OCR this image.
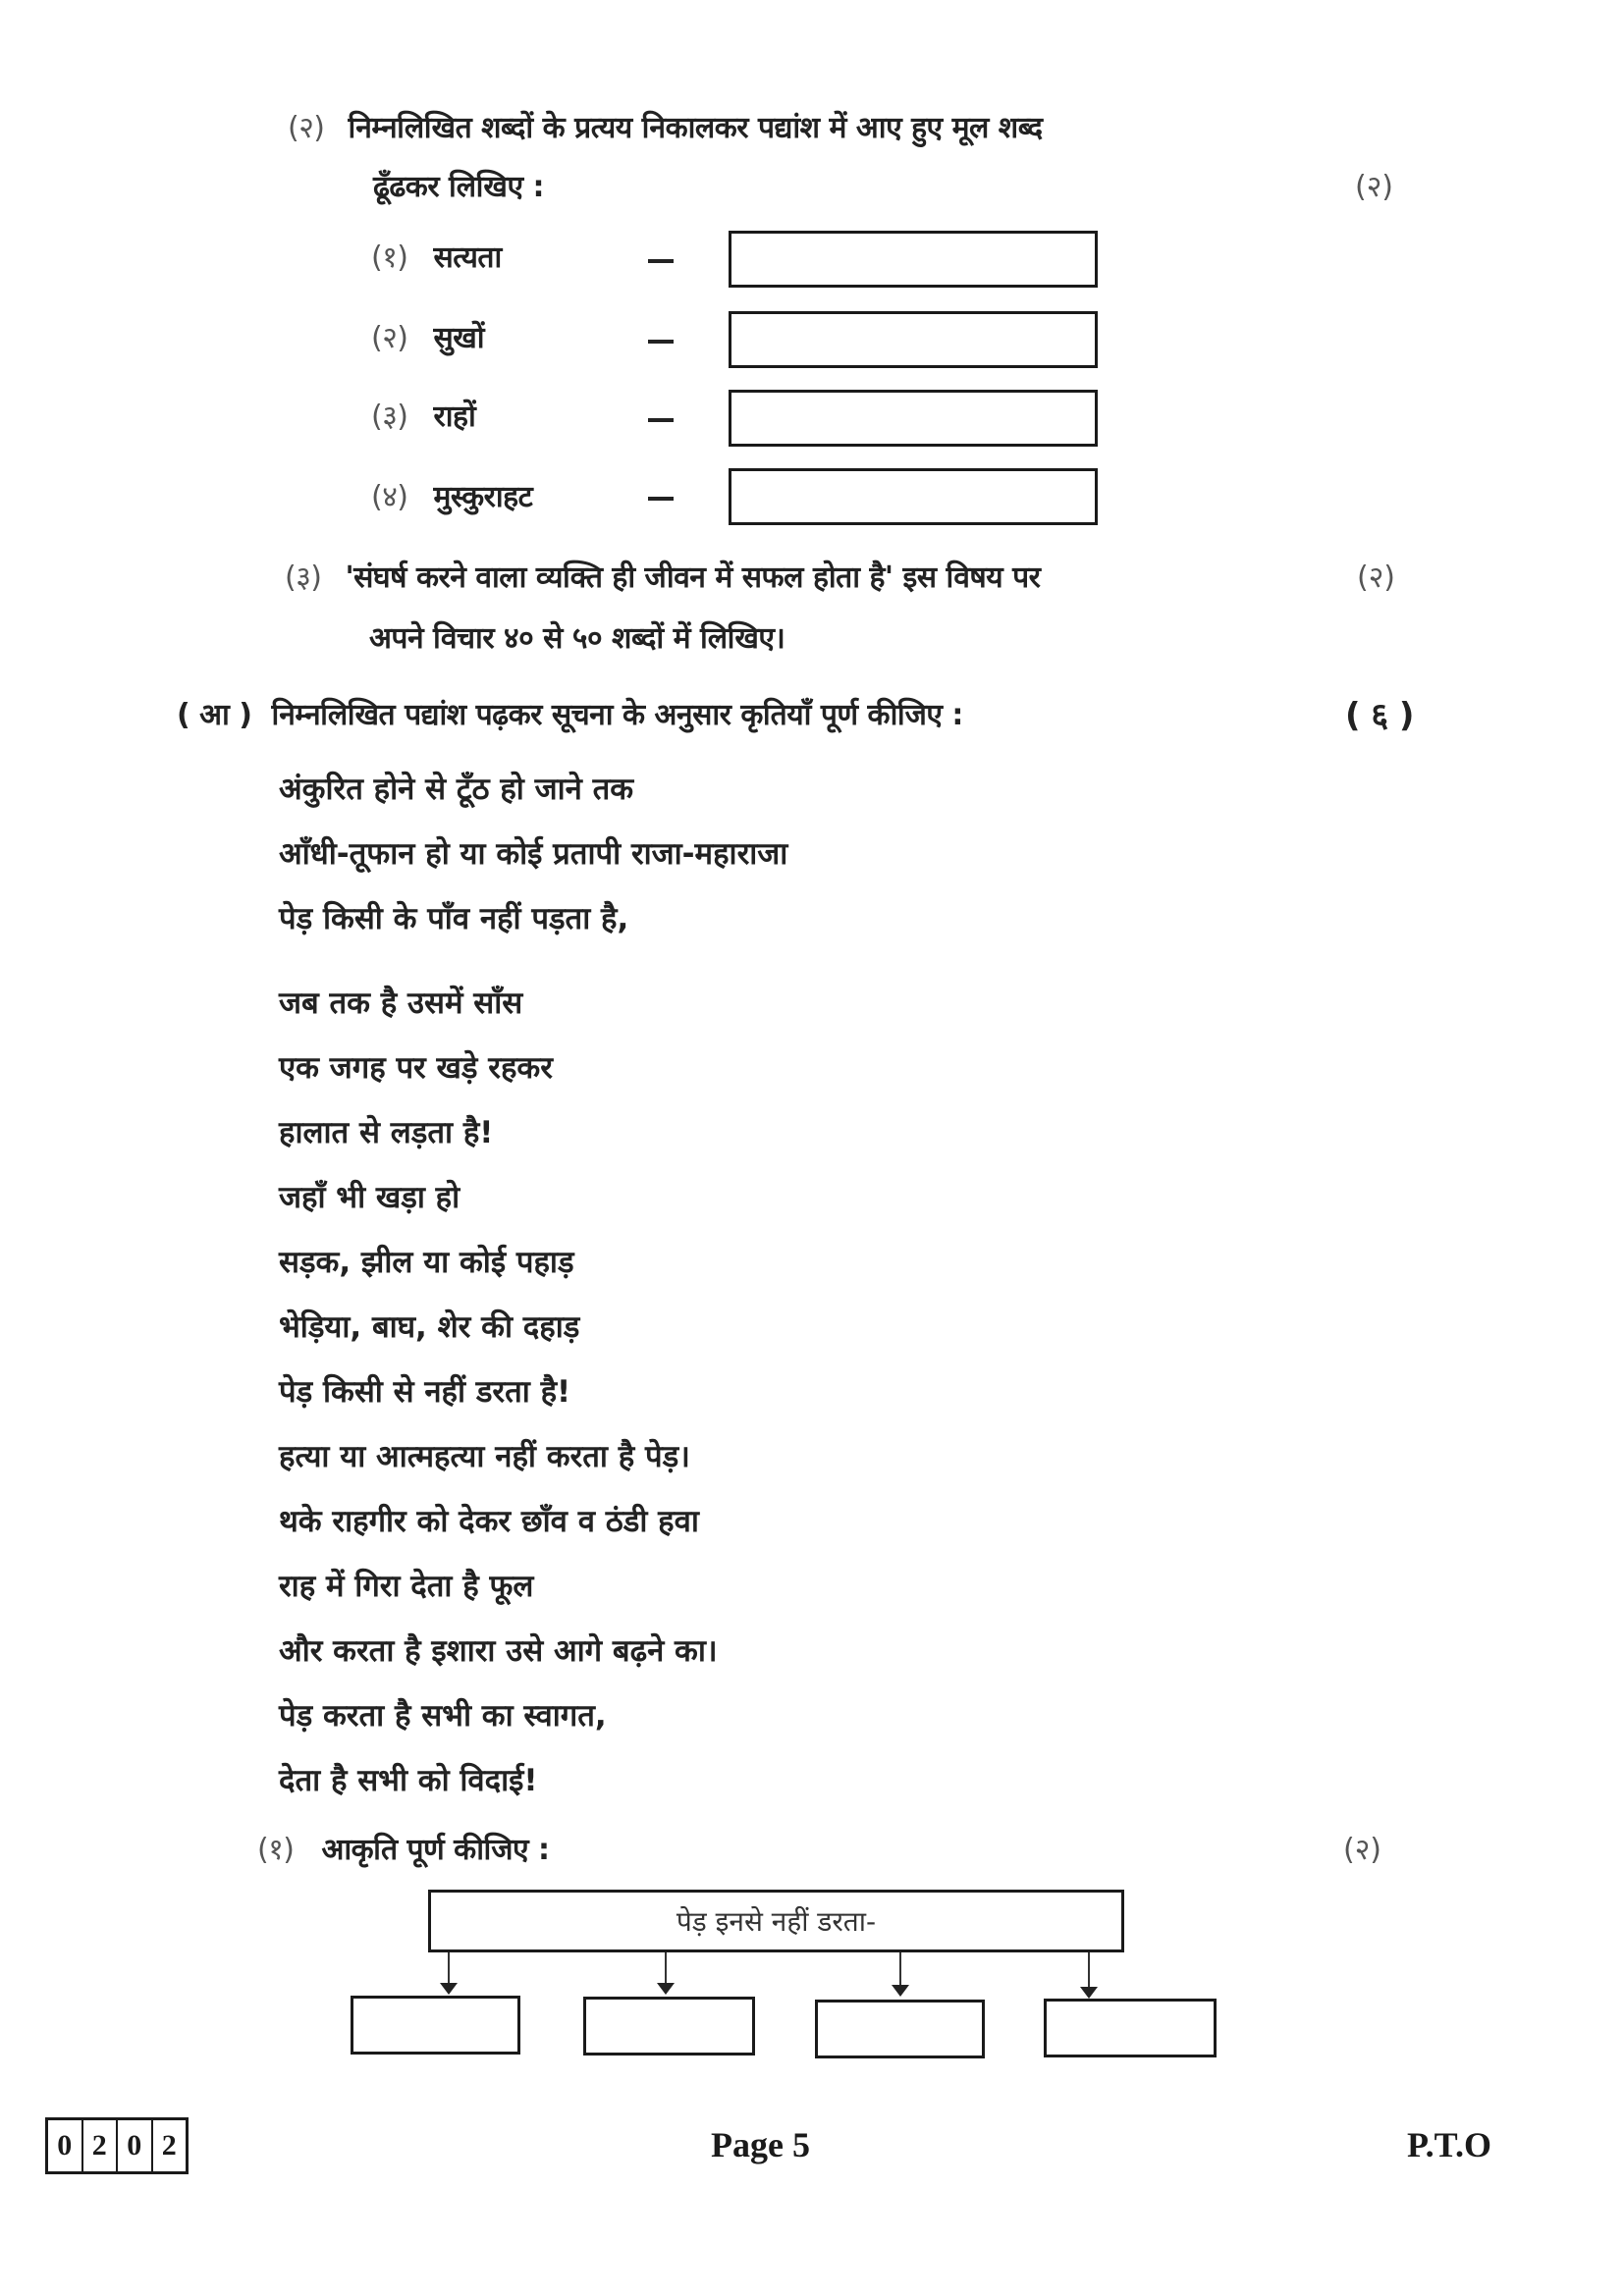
(२) निम्नलिखित शब्दों के प्रत्यय निकालकर पद्यांश में आए हुए मूल शब्द
ढूँढकर लिखिए :	(२)
(१) सत्यता
(२) सुखों
(३) राहों
(४) मुस्कुराहट
(३) 'संघर्ष करने वाला व्यक्ति ही जीवन में सफल होता है' इस विषय पर
अपने विचार ४० से ५० शब्दों में लिखिए।
(२)
( आ ) निम्नलिखित पद्यांश पढ़कर सूचना के अनुसार कृतियाँ पूर्ण कीजिए :	( ६ )
अंकुरित होने से टूँठ हो जाने तक
आँधी-तूफान हो या कोई प्रतापी राजा-महाराजा
पेड़ किसी के पाँव नहीं पड़ता है,
जब तक है उसमें साँस
एक जगह पर खड़े रहकर
हालात से लड़ता है!
जहाँ भी खड़ा हो
सड़क, झील या कोई पहाड़
भेड़िया, बाघ, शेर की दहाड़
पेड़ किसी से नहीं डरता है!
हत्या या आत्महत्या नहीं करता है पेड़।
थके राहगीर को देकर छाँव व ठंडी हवा
राह में गिरा देता है फूल
और करता है इशारा उसे आगे बढ़ने का।
पेड़ करता है सभी का स्वागत,
देता है सभी को विदाई!
(१) आकृति पूर्ण कीजिए :	(२)
पेड़ इनसे नहीं डरता-
0 2 0 2	Page 5	P.T.O
